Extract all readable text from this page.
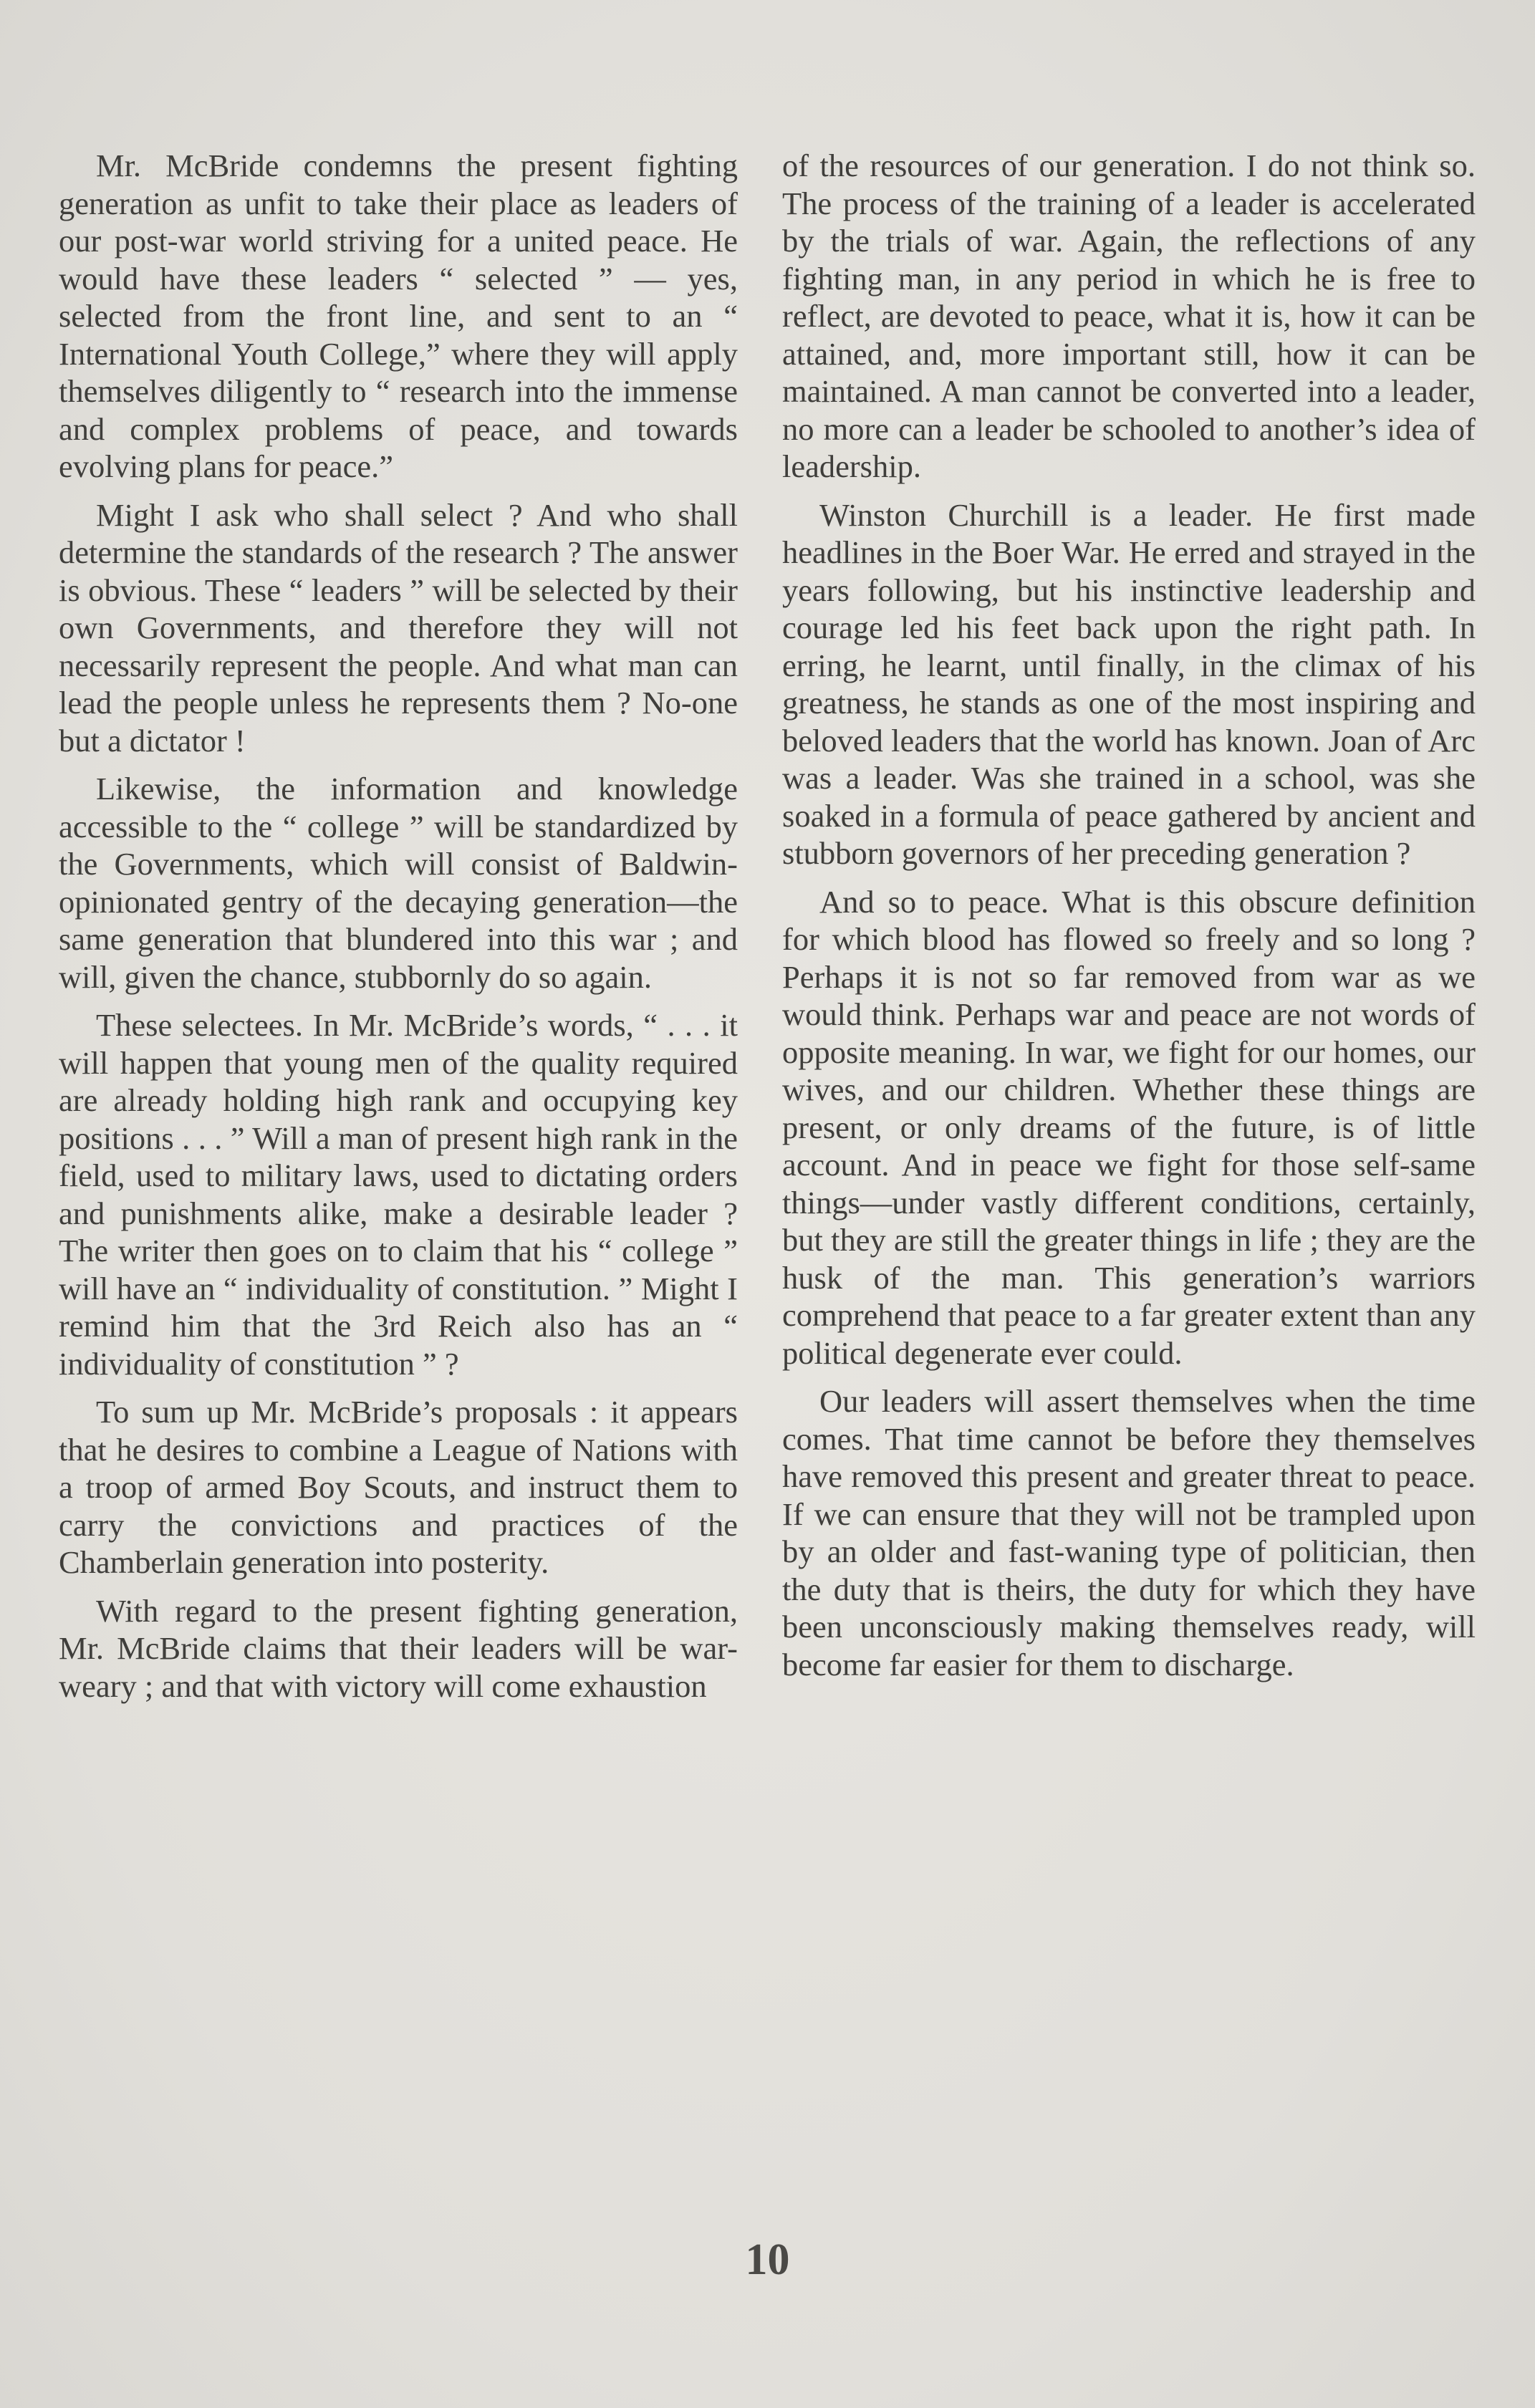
Mr. McBride condemns the present fighting generation as unfit to take their place as leaders of our post-war world striving for a united peace. He would have these leaders “ selected ” — yes, selected from the front line, and sent to an “ International Youth College,” where they will apply themselves diligently to “ research into the immense and complex problems of peace, and towards evolving plans for peace.”

Might I ask who shall select ? And who shall determine the standards of the research ? The answer is obvious. These “ leaders ” will be selected by their own Governments, and therefore they will not necessarily represent the people. And what man can lead the people unless he represents them ? No-one but a dictator !

Likewise, the information and knowledge accessible to the “ college ” will be standardized by the Governments, which will consist of Baldwin-opinionated gentry of the decaying generation—the same generation that blundered into this war ; and will, given the chance, stubbornly do so again.

These selectees. In Mr. McBride’s words, “ . . . it will happen that young men of the quality required are already holding high rank and occupying key positions . . . ” Will a man of present high rank in the field, used to military laws, used to dictating orders and punishments alike, make a desirable leader ? The writer then goes on to claim that his “ college ” will have an “ individuality of constitution. ” Might I remind him that the 3rd Reich also has an “ individuality of constitution ” ?

To sum up Mr. McBride’s proposals : it appears that he desires to combine a League of Nations with a troop of armed Boy Scouts, and instruct them to carry the convictions and practices of the Chamberlain generation into posterity.

With regard to the present fighting generation, Mr. McBride claims that their leaders will be war-weary ; and that with victory will come exhaustion

of the resources of our generation. I do not think so. The process of the training of a leader is accelerated by the trials of war. Again, the reflections of any fighting man, in any period in which he is free to reflect, are devoted to peace, what it is, how it can be attained, and, more important still, how it can be maintained. A man cannot be converted into a leader, no more can a leader be schooled to another’s idea of leadership.

Winston Churchill is a leader. He first made headlines in the Boer War. He erred and strayed in the years following, but his instinctive leadership and courage led his feet back upon the right path. In erring, he learnt, until finally, in the climax of his greatness, he stands as one of the most inspiring and beloved leaders that the world has known. Joan of Arc was a leader. Was she trained in a school, was she soaked in a formula of peace gathered by ancient and stubborn governors of her preceding generation ?

And so to peace. What is this obscure definition for which blood has flowed so freely and so long ? Perhaps it is not so far removed from war as we would think. Perhaps war and peace are not words of opposite meaning. In war, we fight for our homes, our wives, and our children. Whether these things are present, or only dreams of the future, is of little account. And in peace we fight for those self-same things—under vastly different conditions, certainly, but they are still the greater things in life ; they are the husk of the man. This generation’s warriors comprehend that peace to a far greater extent than any political degenerate ever could.

Our leaders will assert themselves when the time comes. That time cannot be before they themselves have removed this present and greater threat to peace. If we can ensure that they will not be trampled upon by an older and fast-waning type of politician, then the duty that is theirs, the duty for which they have been unconsciously making themselves ready, will become far easier for them to discharge.

10
